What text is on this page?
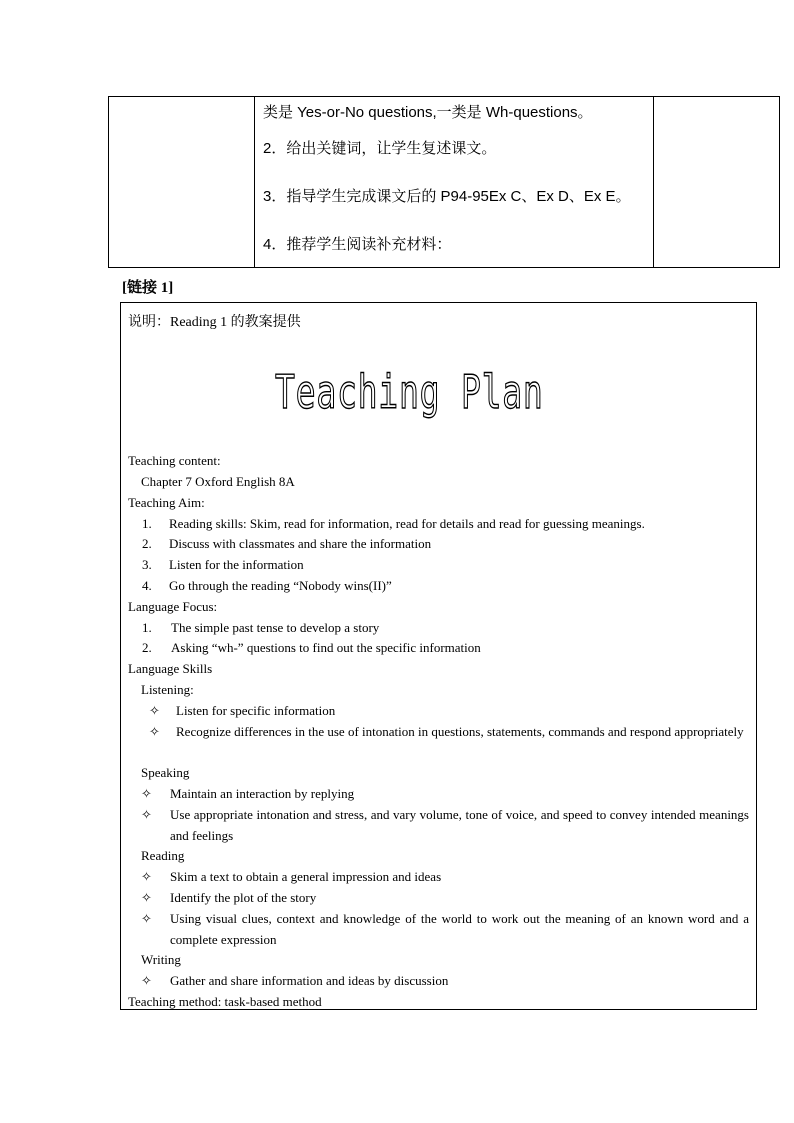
类是 Yes-or-No questions,一类是 Wh-questions。
2．给出关键词，让学生复述课文。
3．指导学生完成课文后的 P94-95Ex C、Ex D、Ex E。
4．推荐学生阅读补充材料：
[链接 1]
说明：Reading 1 的教案提供
Teaching Plan
Teaching content:
Chapter 7 Oxford English 8A
Teaching Aim:
1. Reading skills: Skim, read for information, read for details and read for guessing meanings.
2. Discuss with classmates and share the information
3. Listen for the information
4. Go through the reading “Nobody wins(II)”
Language Focus:
1. The simple past tense to develop a story
2. Asking “wh-” questions to find out the specific information
Language Skills
Listening:
✧ Listen for specific information
✧ Recognize differences in the use of intonation in questions, statements, commands and respond appropriately
Speaking
✧ Maintain an interaction by replying
✧ Use appropriate intonation and stress, and vary volume, tone of voice, and speed to convey intended meanings and feelings
Reading
✧ Skim a text to obtain a general impression and ideas
✧ Identify the plot of the story
✧ Using visual clues, context and knowledge of the world to work out the meaning of an known word and a complete expression
Writing
✧ Gather and share information and ideas by discussion
Teaching method: task-based method
